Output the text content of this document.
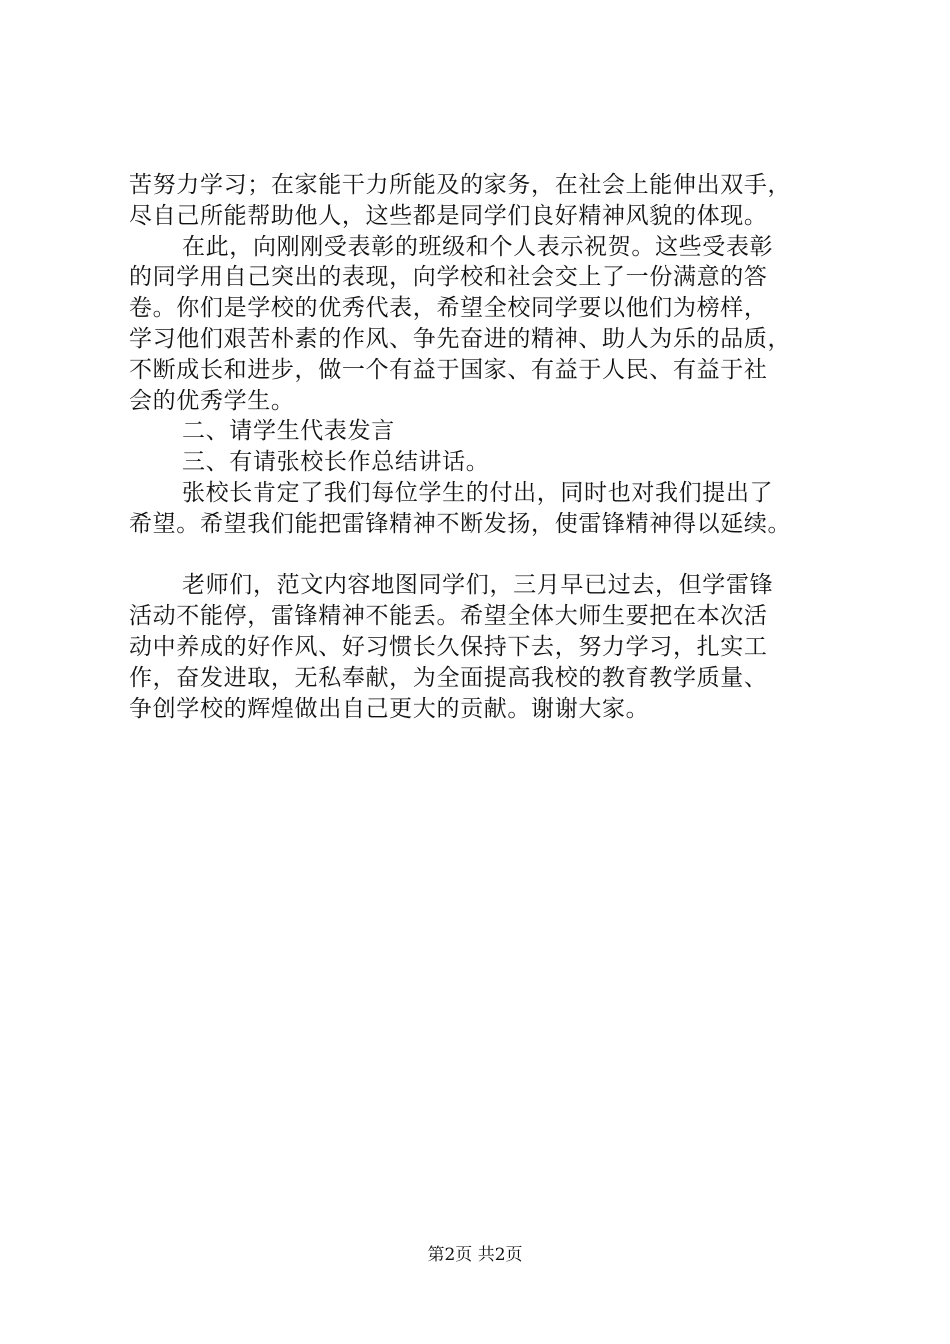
苦努力学习；在家能干力所能及的家务，在社会上能伸出双手，
尽自己所能帮助他人，这些都是同学们良好精神风貌的体现。
在此，向刚刚受表彰的班级和个人表示祝贺。这些受表彰
的同学用自己突出的表现，向学校和社会交上了一份满意的答
卷。你们是学校的优秀代表，希望全校同学要以他们为榜样，
学习他们艰苦朴素的作风、争先奋进的精神、助人为乐的品质，
不断成长和进步，做一个有益于国家、有益于人民、有益于社
会的优秀学生。
二、请学生代表发言
三、有请张校长作总结讲话。
张校长肯定了我们每位学生的付出，同时也对我们提出了
希望。希望我们能把雷锋精神不断发扬，使雷锋精神得以延续。
老师们，范文内容地图同学们，三月早已过去，但学雷锋
活动不能停，雷锋精神不能丢。希望全体大师生要把在本次活
动中养成的好作风、好习惯长久保持下去，努力学习，扎实工
作，奋发进取，无私奉献，为全面提高我校的教育教学质量、
争创学校的辉煌做出自己更大的贡献。谢谢大家。
第2页 共2页
